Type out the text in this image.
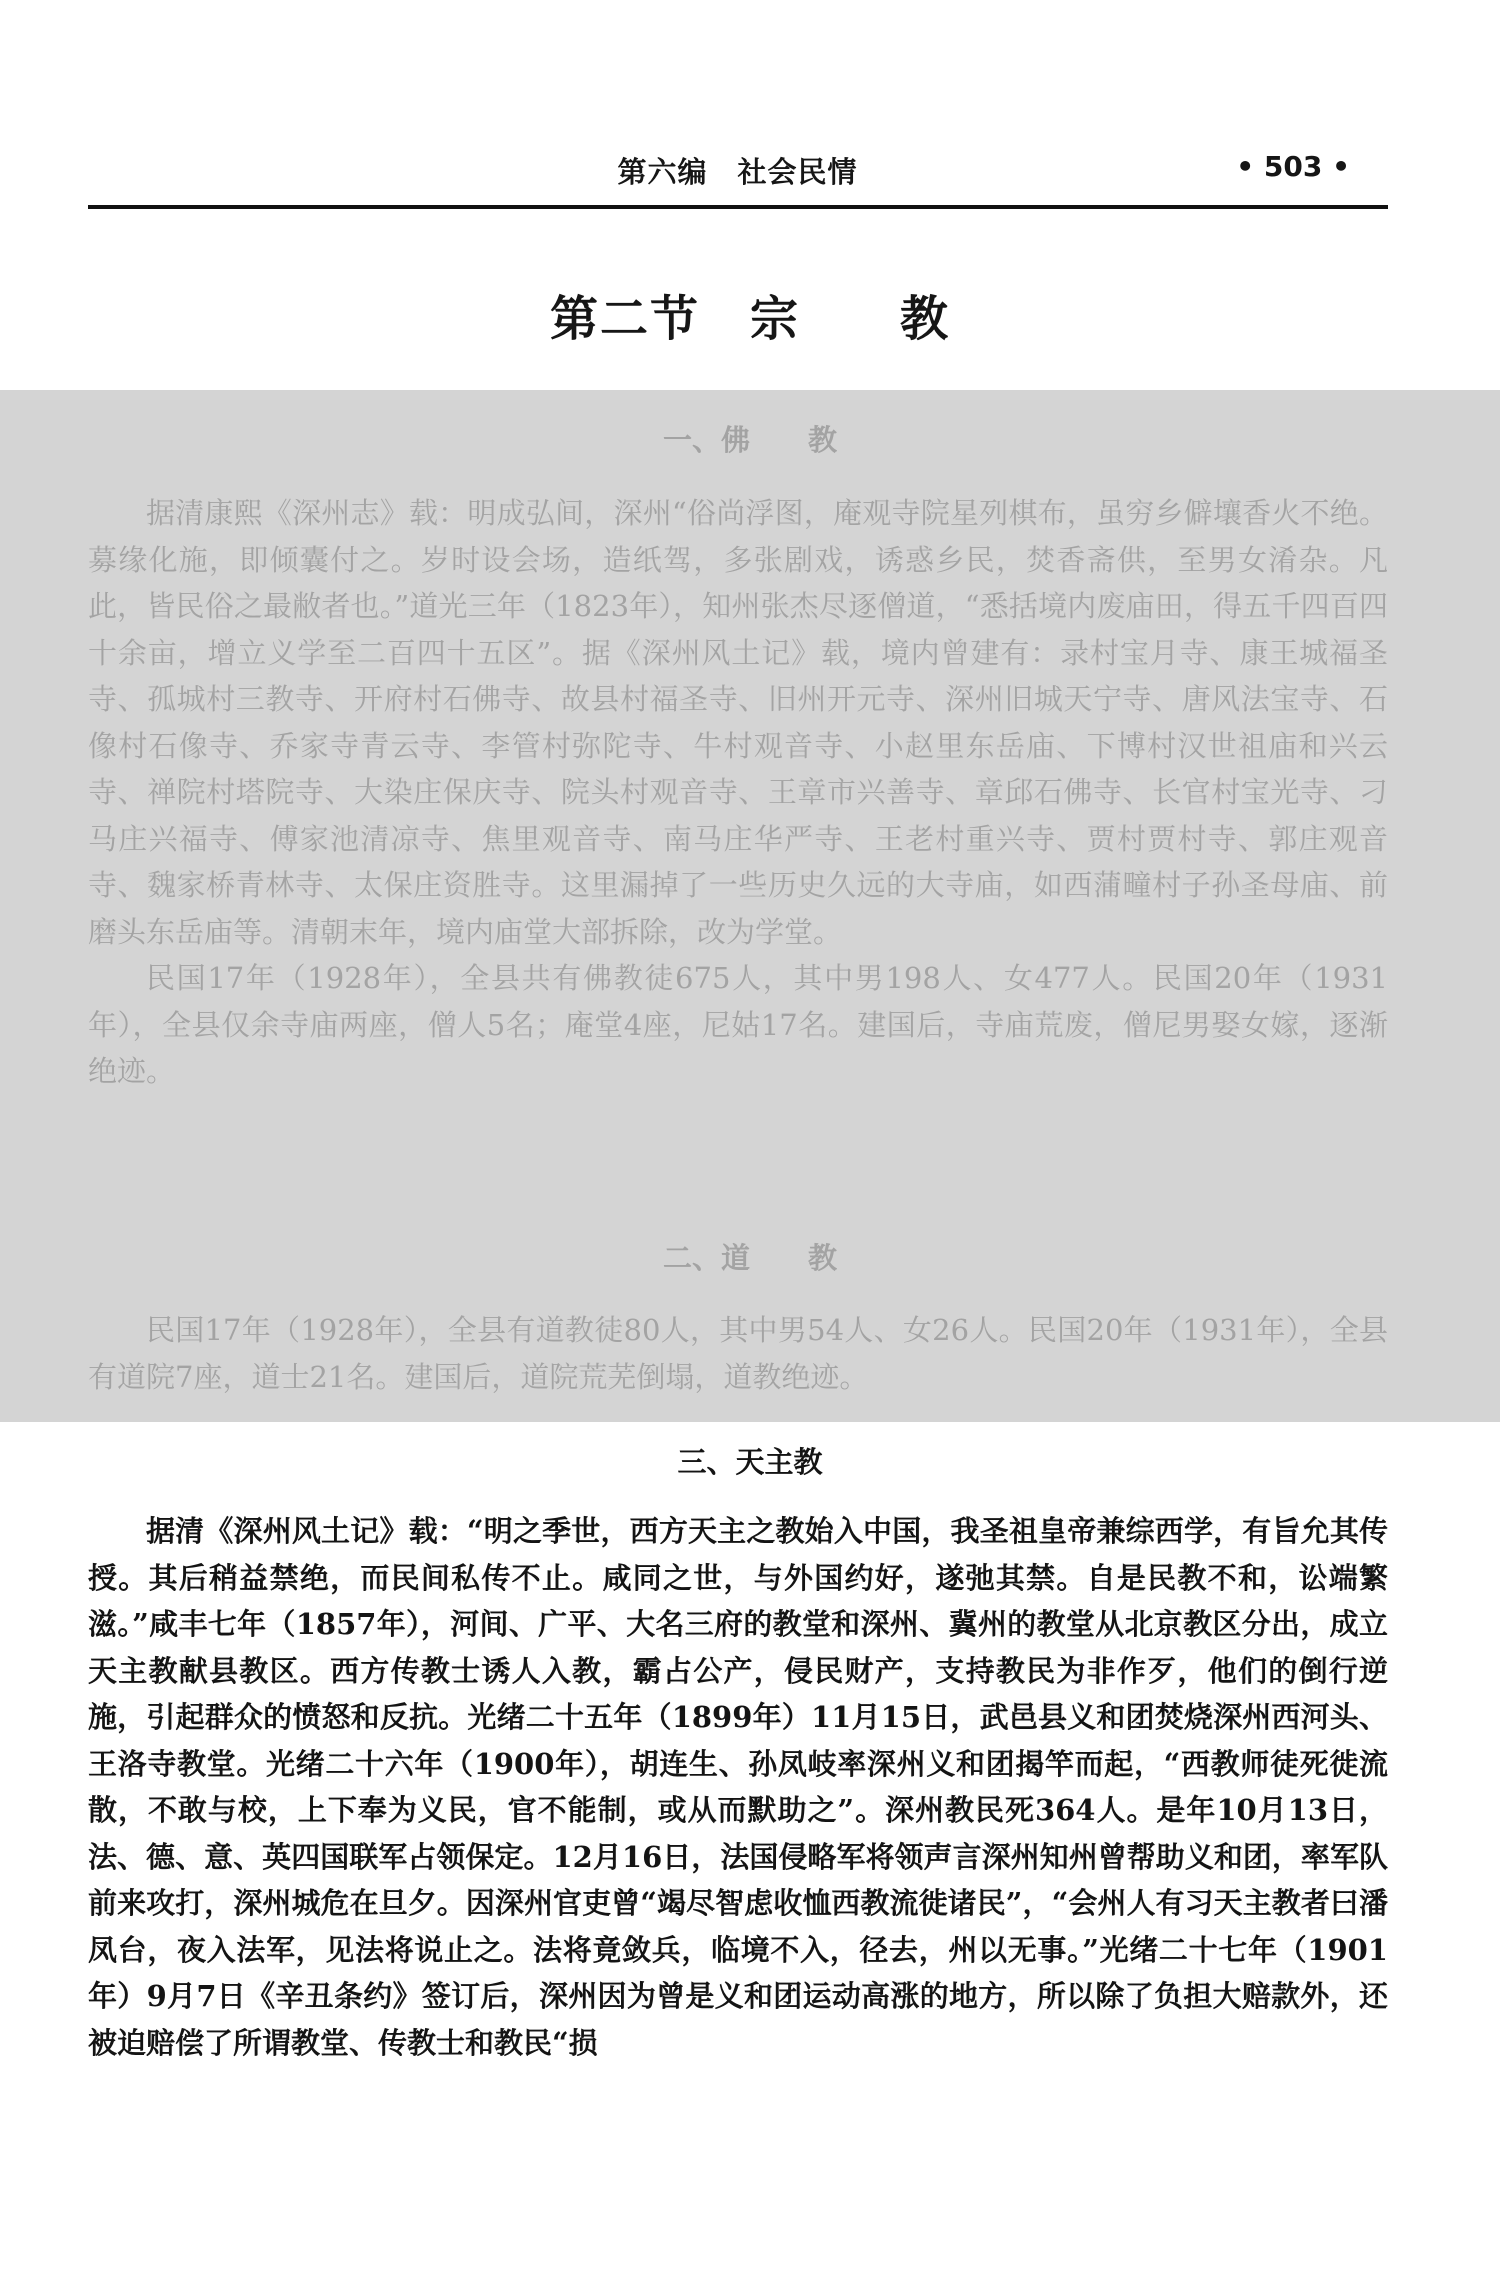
第六编　社会民情	• 503 •
第二节　宗　　教
一、佛　　教

据清康熙《深州志》载：明成弘间，深州“俗尚浮图，庵观寺院星列棋布，虽穷乡僻壤香火不绝。募缘化施，即倾囊付之。岁时设会场，造纸驾，多张剧戏，诱惑乡民，焚香斋供，至男女淆杂。凡此，皆民俗之最敝者也。”道光三年（1823年），知州张杰尽逐僧道，“悉括境内废庙田，得五千四百四十余亩，增立义学至二百四十五区”。据《深州风土记》载，境内曾建有：录村宝月寺、康王城福圣寺、孤城村三教寺、开府村石佛寺、故县村福圣寺、旧州开元寺、深州旧城天宁寺、唐风法宝寺、石像村石像寺、乔家寺青云寺、李管村弥陀寺、牛村观音寺、小赵里东岳庙、下博村汉世祖庙和兴云寺、禅院村塔院寺、大染庄保庆寺、院头村观音寺、王章市兴善寺、章邱石佛寺、长官村宝光寺、刁马庄兴福寺、傅家池清凉寺、焦里观音寺、南马庄华严寺、王老村重兴寺、贾村贾村寺、郭庄观音寺、魏家桥青林寺、太保庄资胜寺。这里漏掉了一些历史久远的大寺庙，如西蒲疃村子孙圣母庙、前磨头东岳庙等。清朝末年，境内庙堂大部拆除，改为学堂。

民国17年（1928年），全县共有佛教徒675人，其中男198人、女477人。民国20年（1931年），全县仅余寺庙两座，僧人5名；庵堂4座，尼姑17名。建国后，寺庙荒废，僧尼男娶女嫁，逐渐绝迹。

二、道　　教

民国17年（1928年），全县有道教徒80人，其中男54人、女26人。民国20年（1931年），全县有道院7座，道士21名。建国后，道院荒芜倒塌，道教绝迹。

三、天主教

据清《深州风土记》载：“明之季世，西方天主之教始入中国，我圣祖皇帝兼综西学，有旨允其传授。其后稍益禁绝，而民间私传不止。咸同之世，与外国约好，遂弛其禁。自是民教不和，讼端繁滋。”咸丰七年（1857年），河间、广平、大名三府的教堂和深州、冀州的教堂从北京教区分出，成立天主教献县教区。西方传教士诱人入教，霸占公产，侵民财产，支持教民为非作歹，他们的倒行逆施，引起群众的愤怒和反抗。光绪二十五年（1899年）11月15日，武邑县义和团焚烧深州西河头、王洛寺教堂。光绪二十六年（1900年），胡连生、孙凤岐率深州义和团揭竿而起，“西教师徒死徙流散，不敢与校，上下奉为义民，官不能制，或从而默助之”。深州教民死364人。是年10月13日，法、德、意、英四国联军占领保定。12月16日，法国侵略军将领声言深州知州曾帮助义和团，率军队前来攻打，深州城危在旦夕。因深州官吏曾“竭尽智虑收恤西教流徙诸民”，“会州人有习天主教者曰潘凤台，夜入法军，见法将说止之。法将竟敛兵，临境不入，径去，州以无事。”光绪二十七年（1901年）9月7日《辛丑条约》签订后，深州因为曾是义和团运动高涨的地方，所以除了负担大赔款外，还被迫赔偿了所谓教堂、传教士和教民“损
